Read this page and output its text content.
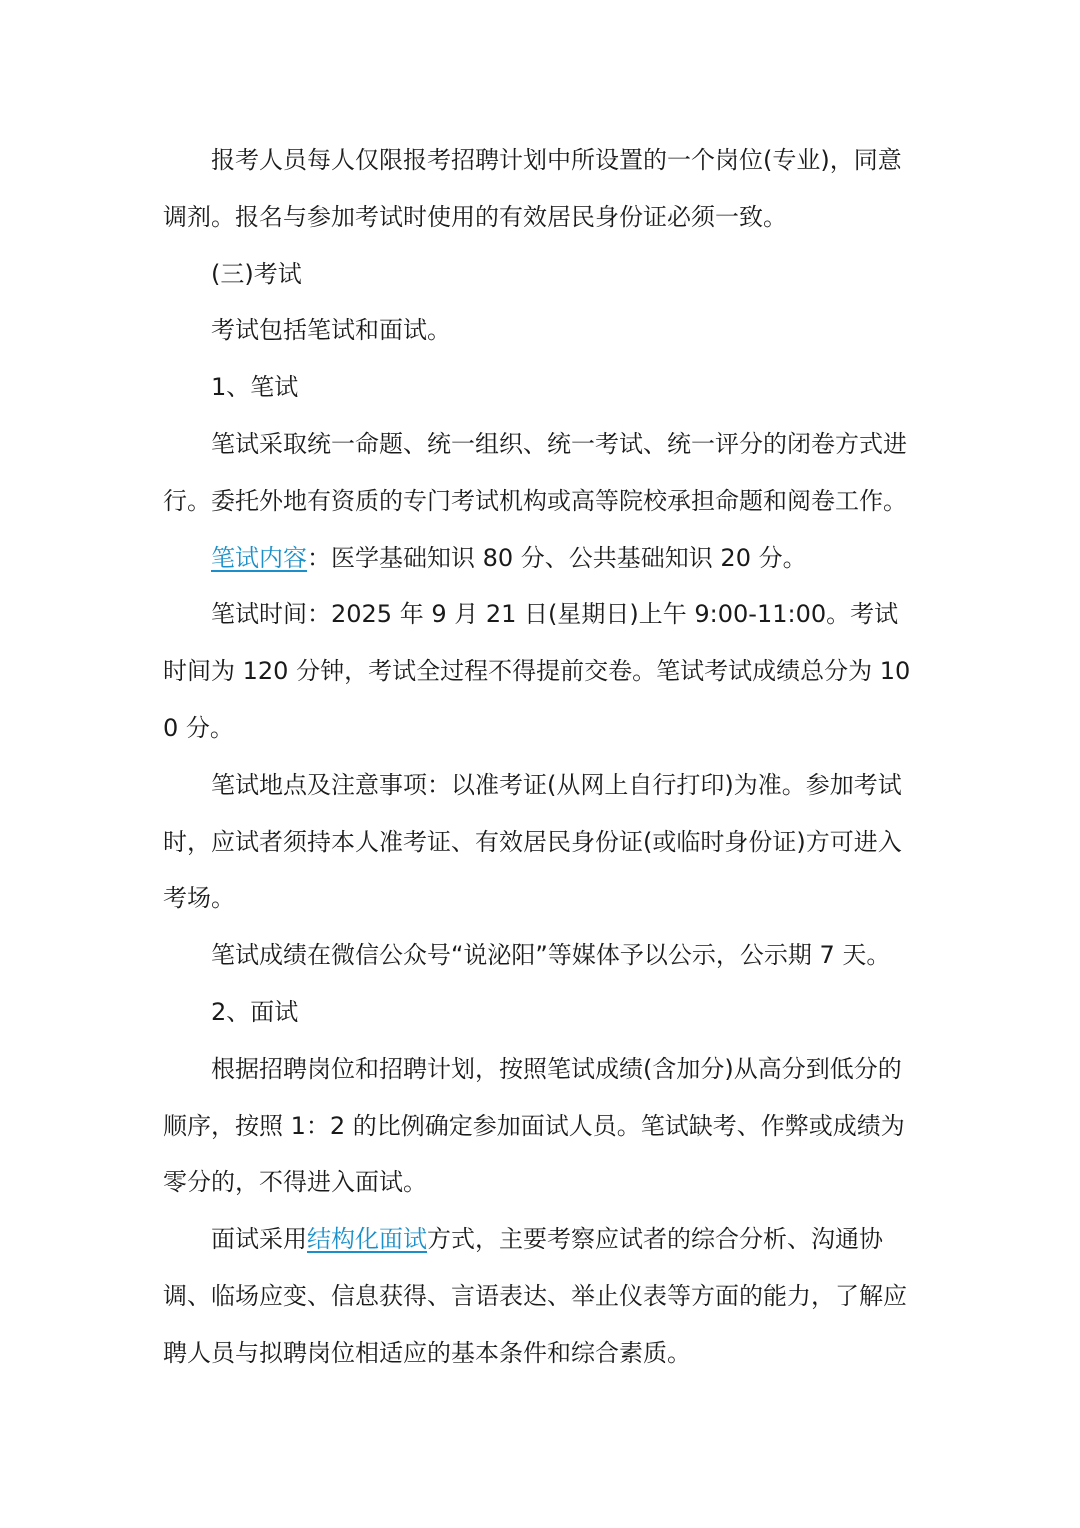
报考人员每人仅限报考招聘计划中所设置的一个岗位(专业)，同意调剂。报名与参加考试时使用的有效居民身份证必须一致。

(三)考试

考试包括笔试和面试。

1、笔试

笔试采取统一命题、统一组织、统一考试、统一评分的闭卷方式进行。委托外地有资质的专门考试机构或高等院校承担命题和阅卷工作。

笔试内容：医学基础知识 80 分、公共基础知识 20 分。

笔试时间：2025 年 9 月 21 日(星期日)上午 9:00-11:00。考试时间为 120 分钟，考试全过程不得提前交卷。笔试考试成绩总分为 100 分。

笔试地点及注意事项：以准考证(从网上自行打印)为准。参加考试时，应试者须持本人准考证、有效居民身份证(或临时身份证)方可进入考场。

笔试成绩在微信公众号“说泌阳”等媒体予以公示，公示期 7 天。

2、面试

根据招聘岗位和招聘计划，按照笔试成绩(含加分)从高分到低分的顺序，按照 1：2 的比例确定参加面试人员。笔试缺考、作弊或成绩为零分的，不得进入面试。

面试采用结构化面试方式，主要考察应试者的综合分析、沟通协调、临场应变、信息获得、言语表达、举止仪表等方面的能力，了解应聘人员与拟聘岗位相适应的基本条件和综合素质。
